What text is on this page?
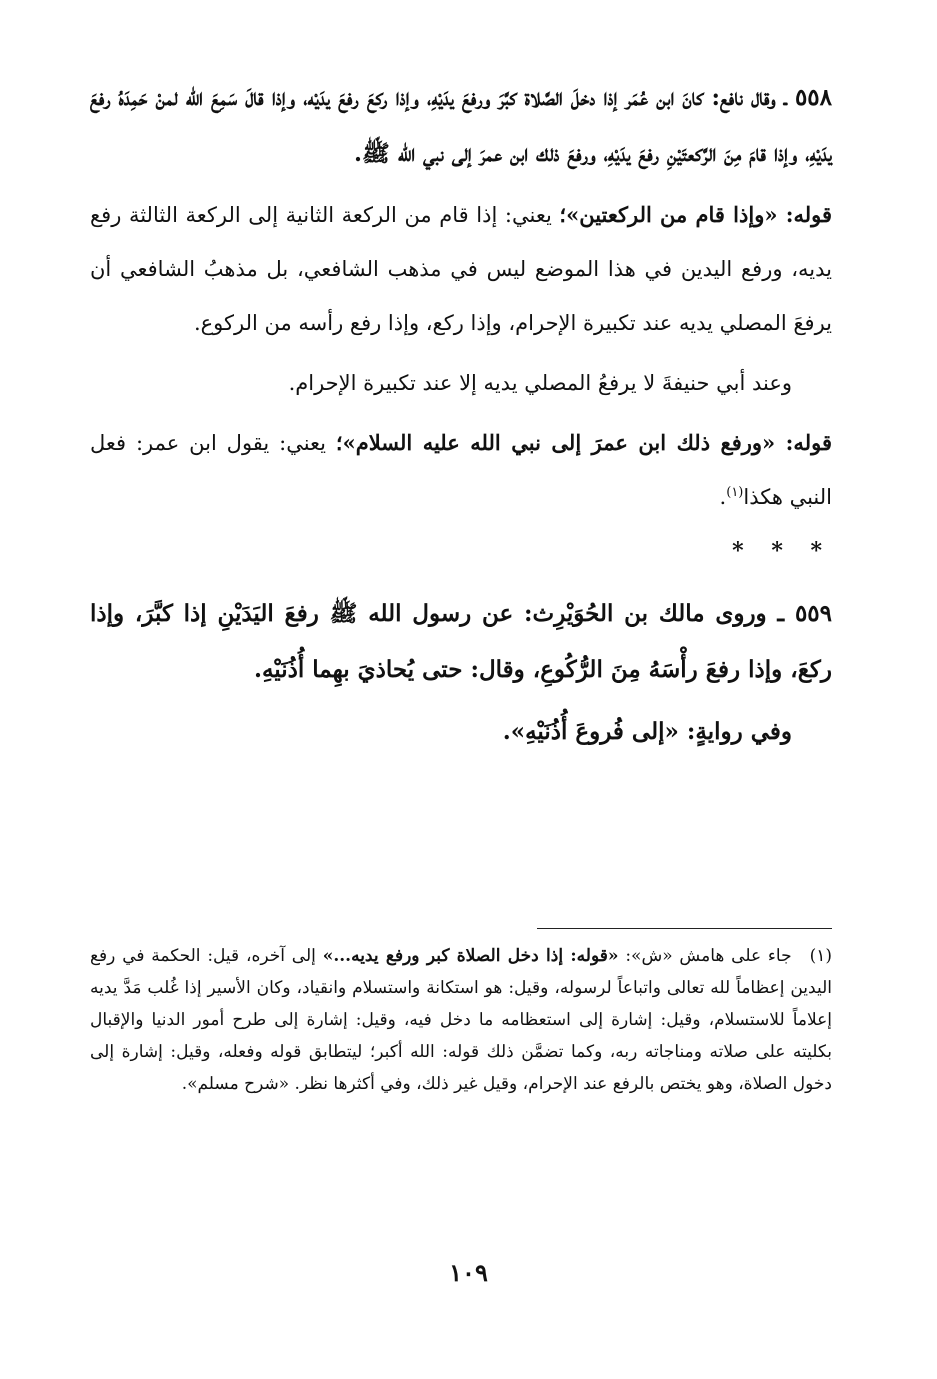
٥٥٨ ـ وقال نافع: كانَ ابن عُمَر إذا دخلَ الصَّلاة كبَّرَ ورفعَ يدَيْهِ، وإذا ركعَ رفعَ يدَيْه، وإذا قالَ سَمِعَ الله لمنْ حَمِدَهُ رفعَ يدَيْهِ، وإذا قامَ مِنَ الرَّكعتَيْنِ رفعَ يدَيْهِ، ورفعَ ذلك ابن عمرَ إلى نبي الله ﷺ.

قوله: «وإذا قام من الركعتين»؛ يعني: إذا قام من الركعة الثانية إلى الركعة الثالثة رفع يديه، ورفع اليدين في هذا الموضع ليس في مذهب الشافعي، بل مذهبُ الشافعي أن يرفعَ المصلي يديه عند تكبيرة الإحرام، وإذا ركع، وإذا رفع رأسه من الركوع.

وعند أبي حنيفةَ لا يرفعُ المصلي يديه إلا عند تكبيرة الإحرام.

قوله: «ورفع ذلك ابن عمرَ إلى نبي الله عليه السلام»؛ يعني: يقول ابن عمر: فعل النبي هكذا$^{(١)}$.

* * *

٥٥٩ ـ وروى مالك بن الحُوَيْرِث: عن رسول الله ﷺ رفعَ اليَدَيْنِ إذا كبَّرَ، وإذا ركعَ، وإذا رفعَ رأْسَهُ مِنَ الرُّكُوعِ، وقال: حتى يُحاذيَ بهِما أُذُنَيْهِ.

وفي روايةٍ: «إلى فُروعَ أُذُنَيْهِ».

(١)جاء على هامش «ش»: «قوله: إذا دخل الصلاة كبر ورفع يديه...» إلى آخره، قيل: الحكمة في رفع اليدين إعظاماً لله تعالى واتباعاً لرسوله، وقيل: هو استكانة واستسلام وانقياد، وكان الأسير إذا غُلب مَدَّ يديه إعلاماً للاستسلام، وقيل: إشارة إلى استعظامه ما دخل فيه، وقيل: إشارة إلى طرح أمور الدنيا والإقبال بكليته على صلاته ومناجاته ربه، وكما تضمَّن ذلك قوله: الله أكبر؛ ليتطابق قوله وفعله، وقيل: إشارة إلى دخول الصلاة، وهو يختص بالرفع عند الإحرام، وقيل غير ذلك، وفي أكثرها نظر. «شرح مسلم».

١٠٩
